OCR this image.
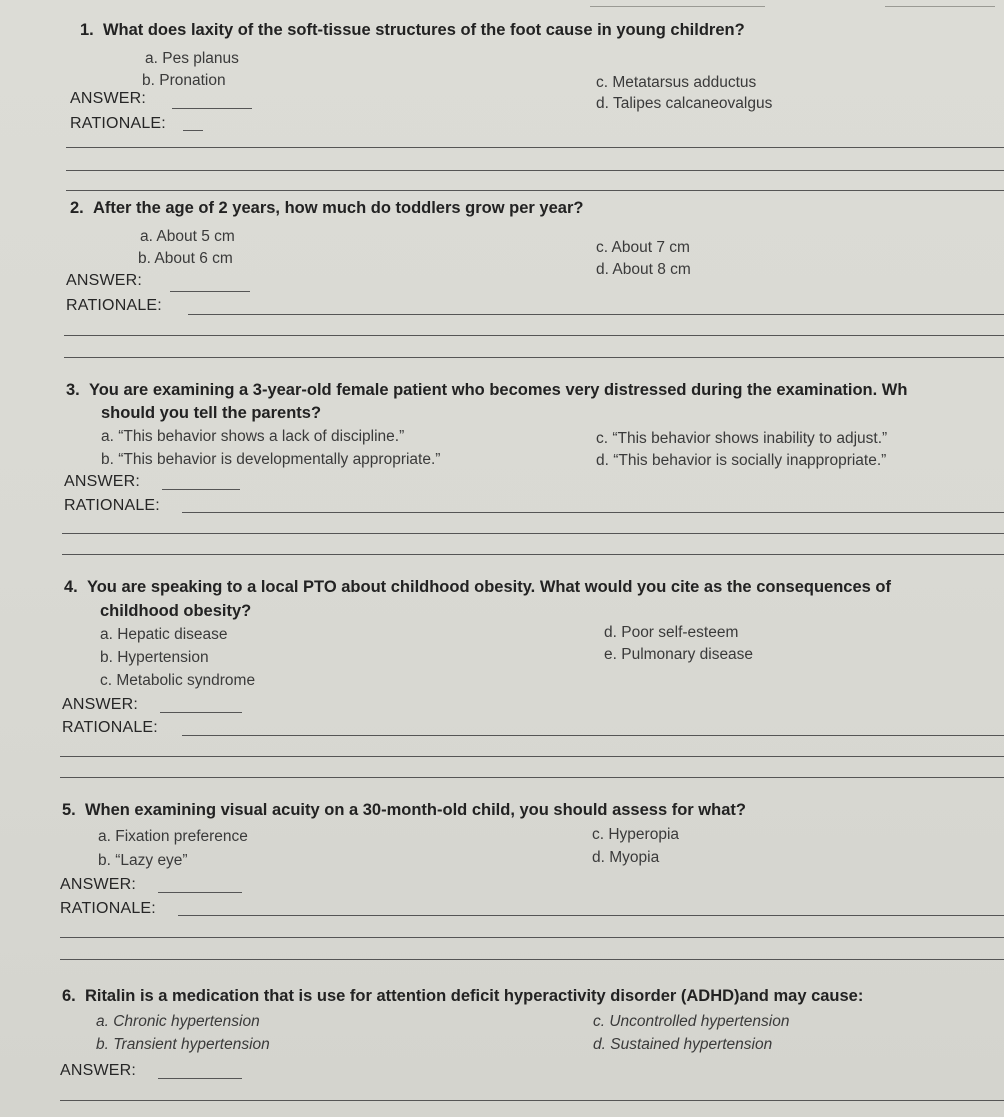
1. What does laxity of the soft-tissue structures of the foot cause in young children?
a. Pes planus
b. Pronation	c. Metatarsus adductus
d. Talipes calcaneovalgus
ANSWER:
RATIONALE:
2. After the age of 2 years, how much do toddlers grow per year?
a. About 5 cm
b. About 6 cm
c. About 7 cm
d. About 8 cm
ANSWER:
RATIONALE:
3. You are examining a 3-year-old female patient who becomes very distressed during the examination. Wh
should you tell the parents?
a. “This behavior shows a lack of discipline.”
b. “This behavior is developmentally appropriate.”
c. “This behavior shows inability to adjust.”
d. “This behavior is socially inappropriate.”
ANSWER:
RATIONALE:
4. You are speaking to a local PTO about childhood obesity. What would you cite as the consequences of
childhood obesity?
a. Hepatic disease
b. Hypertension
c. Metabolic syndrome
d. Poor self-esteem
e. Pulmonary disease
ANSWER:
RATIONALE:
5. When examining visual acuity on a 30-month-old child, you should assess for what?
a. Fixation preference
b. “Lazy eye”
c. Hyperopia
d. Myopia
ANSWER:
RATIONALE:
6. Ritalin is a medication that is use for attention deficit hyperactivity disorder (ADHD)and may cause:
a. Chronic hypertension
b. Transient hypertension
c. Uncontrolled hypertension
d. Sustained hypertension
ANSWER:
